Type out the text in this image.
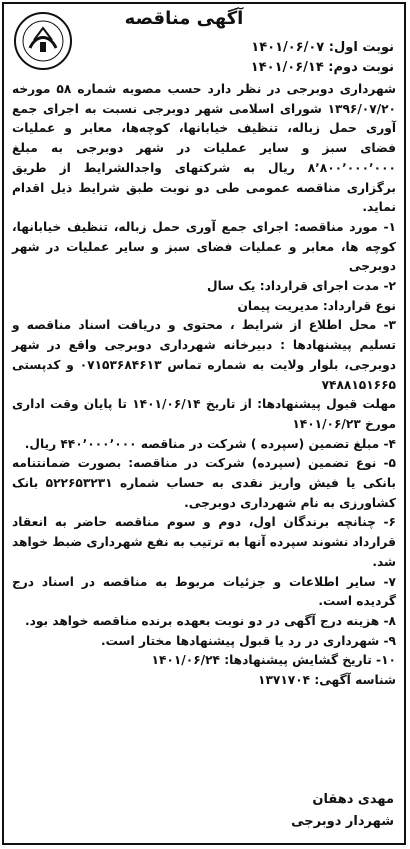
آگهی مناقصه
نوبت اول: ۱۴۰۱/۰۶/۰۷
نوبت دوم: ۱۴۰۱/۰۶/۱۴

شهرداری دوبرجی در نظر دارد حسب مصوبه شماره ۵۸ مورخه ۱۳۹۶/۰۷/۲۰ شورای اسلامی شهر دوبرجی نسبت به اجرای جمع آوری حمل زباله، تنظیف خیابانها، کوچه‌ها، معابر و عملیات فضای سبز و سایر عملیات در شهر دوبرجی به مبلغ ۸٬۸۰۰٬۰۰۰٬۰۰۰ ریال به شرکتهای واجدالشرایط از طریق برگزاری مناقصه عمومی طی دو نوبت طبق شرایط ذیل اقدام نماید.

۱- مورد مناقصه: اجرای جمع آوری حمل زباله، تنظیف خیابانها، کوچه ها، معابر و عملیات فضای سبز و سایر عملیات در شهر دوبرجی

۲- مدت اجرای قرارداد: یک سال

نوع قرارداد: مدیریت پیمان

۳- محل اطلاع از شرایط ، محتوی و دریافت اسناد مناقصه و تسلیم پیشنهادها : دبیرخانه شهرداری دوبرجی واقع در شهر دوبرجی، بلوار ولایت به شماره تماس ۰۷۱۵۳۶۸۴۶۱۳ و کدپستی ۷۴۸۸۱۵۱۶۶۵

مهلت قبول پیشنهادها: از تاریخ ۱۴۰۱/۰۶/۱۴ تا پایان وقت اداری مورخ ۱۴۰۱/۰۶/۲۳

۴- مبلغ تضمین (سپرده ) شرکت در مناقصه ۴۴۰٬۰۰۰٬۰۰۰ ریال.

۵- نوع تضمین (سپرده) شرکت در مناقصه: بصورت ضمانتنامه بانکی یا فیش واریز نقدی به حساب شماره ۵۲۲۶۵۳۲۳۱ بانک کشاورزی به نام شهرداری دوبرجی.

۶- چنانچه برندگان اول، دوم و سوم مناقصه حاضر به انعقاد قرارداد نشوند سپرده آنها به ترتیب به نفع شهرداری ضبط خواهد شد.

۷- سایر اطلاعات و جزئیات مربوط به مناقصه در اسناد درج گردیده است.

۸- هزینه درج آگهی در دو نوبت بعهده برنده مناقصه خواهد بود.

۹- شهرداری در رد یا قبول پیشنهادها مختار است.

۱۰- تاریخ گشایش پیشنهادها: ۱۴۰۱/۰۶/۲۴

شناسه آگهی: ۱۳۷۱۷۰۴

مهدی دهقان
شهردار دوبرجی
